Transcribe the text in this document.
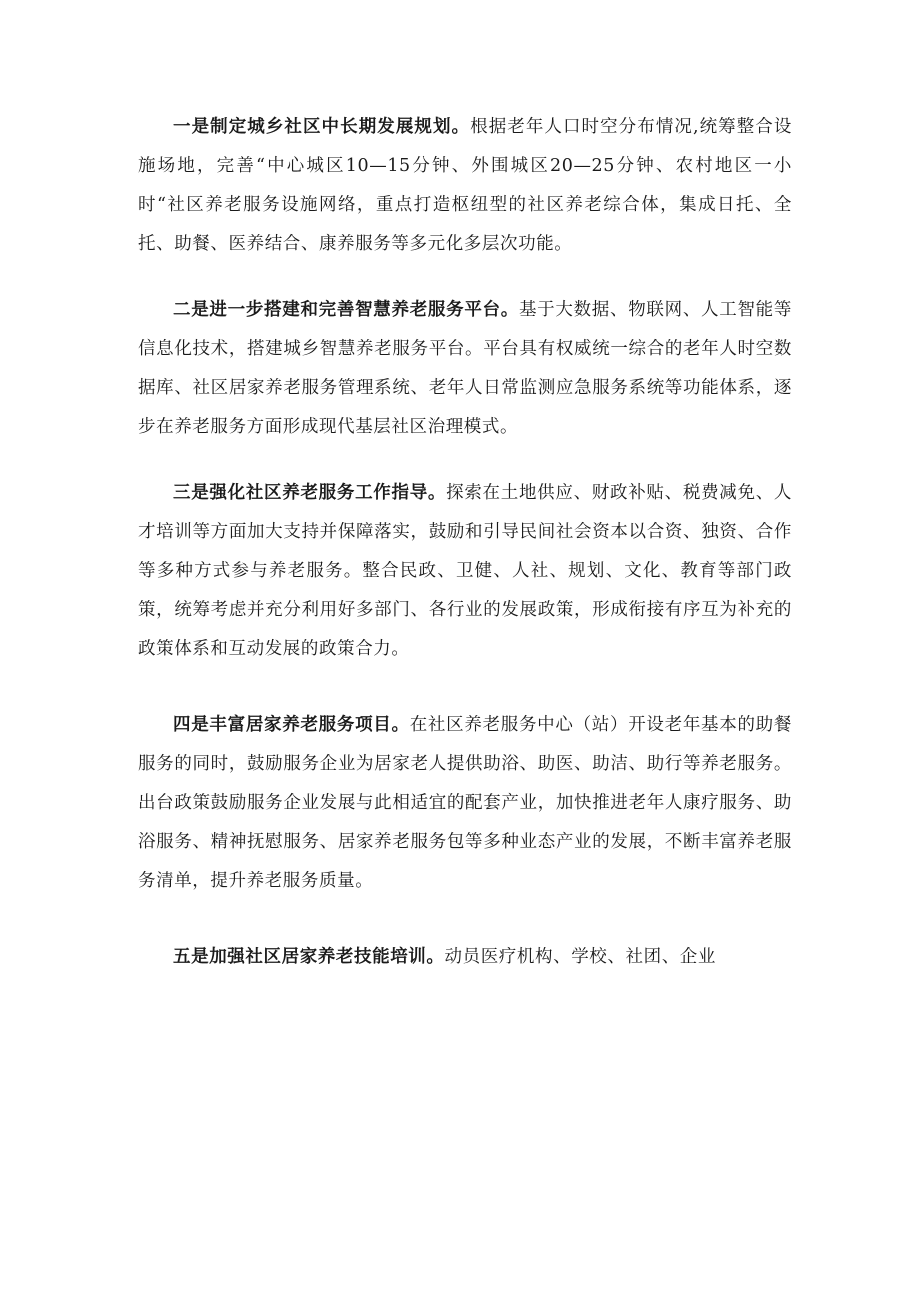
一是制定城乡社区中长期发展规划。根据老年人口时空分布情况,统筹整合设施场地，完善“中心城区10—15分钟、外围城区20—25分钟、农村地区一小时“社区养老服务设施网络，重点打造枢纽型的社区养老综合体，集成日托、全托、助餐、医养结合、康养服务等多元化多层次功能。

二是进一步搭建和完善智慧养老服务平台。基于大数据、物联网、人工智能等信息化技术，搭建城乡智慧养老服务平台。平台具有权威统一综合的老年人时空数据库、社区居家养老服务管理系统、老年人日常监测应急服务系统等功能体系，逐步在养老服务方面形成现代基层社区治理模式。

三是强化社区养老服务工作指导。探索在土地供应、财政补贴、税费减免、人才培训等方面加大支持并保障落实，鼓励和引导民间社会资本以合资、独资、合作等多种方式参与养老服务。整合民政、卫健、人社、规划、文化、教育等部门政策，统筹考虑并充分利用好多部门、各行业的发展政策，形成衔接有序互为补充的政策体系和互动发展的政策合力。

四是丰富居家养老服务项目。在社区养老服务中心（站）开设老年基本的助餐服务的同时，鼓励服务企业为居家老人提供助浴、助医、助洁、助行等养老服务。出台政策鼓励服务企业发展与此相适宜的配套产业，加快推进老年人康疗服务、助浴服务、精神抚慰服务、居家养老服务包等多种业态产业的发展，不断丰富养老服务清单，提升养老服务质量。

五是加强社区居家养老技能培训。动员医疗机构、学校、社团、企业
